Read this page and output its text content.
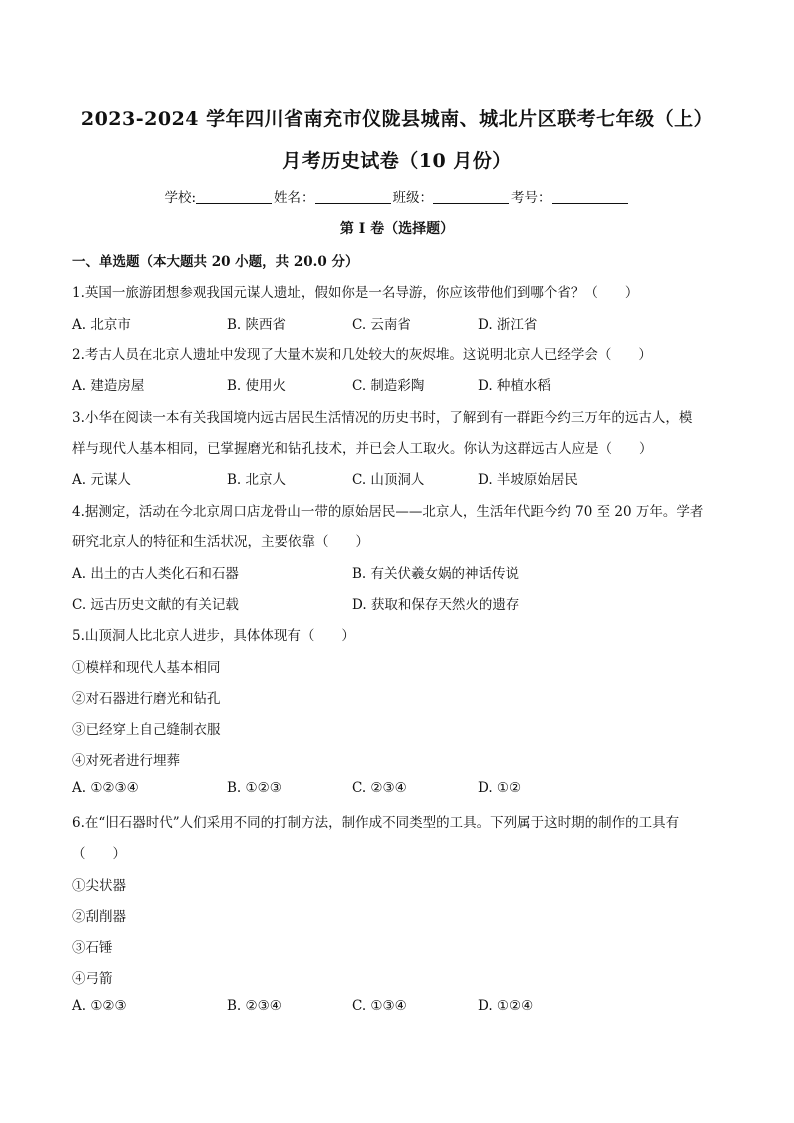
2023-2024 学年四川省南充市仪陇县城南、城北片区联考七年级（上）
月考历史试卷（10 月份）
学校:	姓名：	班级：	考号：
第 I 卷（选择题）
一、单选题（本大题共 20 小题，共 20.0 分）
1.英国一旅游团想参观我国元谋人遗址，假如你是一名导游，你应该带他们到哪个省？（　　）
A. 北京市	B. 陕西省	C. 云南省	D. 浙江省
2.考古人员在北京人遗址中发现了大量木炭和几处较大的灰烬堆。这说明北京人已经学会（　　）
A. 建造房屋	B. 使用火	C. 制造彩陶	D. 种植水稻
3.小华在阅读一本有关我国境内远古居民生活情况的历史书时，了解到有一群距今约三万年的远古人，模
样与现代人基本相同，已掌握磨光和钻孔技术，并已会人工取火。你认为这群远古人应是（　　）
A. 元谋人	B. 北京人	C. 山顶洞人	D. 半坡原始居民
4.据测定，活动在今北京周口店龙骨山一带的原始居民——北京人，生活年代距今约 70 至 20 万年。学者
研究北京人的特征和生活状况，主要依靠（　　）
A. 出土的古人类化石和石器	B. 有关伏羲女娲的神话传说
C. 远古历史文献的有关记载	D. 获取和保存天然火的遗存
5.山顶洞人比北京人进步，具体体现有（　　）
①模样和现代人基本相同
②对石器进行磨光和钻孔
③已经穿上自己缝制衣服
④对死者进行埋葬
A. ①②③④	B. ①②③	C. ②③④	D. ①②
6.在“旧石器时代”人们采用不同的打制方法，制作成不同类型的工具。下列属于这时期的制作的工具有
（　　）
①尖状器
②刮削器
③石锤
④弓箭
A. ①②③	B. ②③④	C. ①③④	D. ①②④
